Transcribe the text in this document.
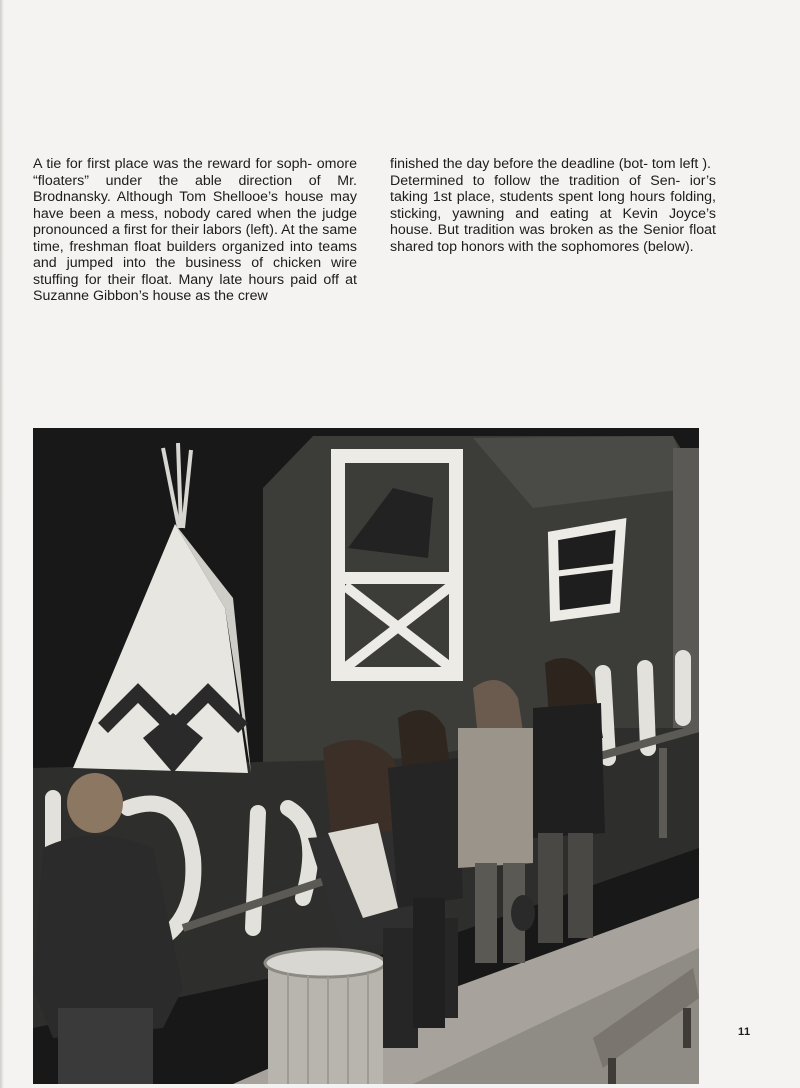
A tie for first place was the reward for soph- omore “floaters” under the able direction of Mr. Brodnansky. Although Tom Shellooe’s house may have been a mess, nobody cared when the judge pronounced a first for their labors (left). At the same time, freshman float builders organized into teams and jumped into the business of chicken wire stuffing for their float. Many late hours paid off at Suzanne Gibbon’s house as the crew

finished the day before the deadline (bot- tom left ).

Determined to follow the tradition of Sen- ior’s taking 1st place, students spent long hours folding, sticking, yawning and eating at Kevin Joyce’s house. But tradition was broken as the Senior float shared top honors with the sophomores (below).

11
